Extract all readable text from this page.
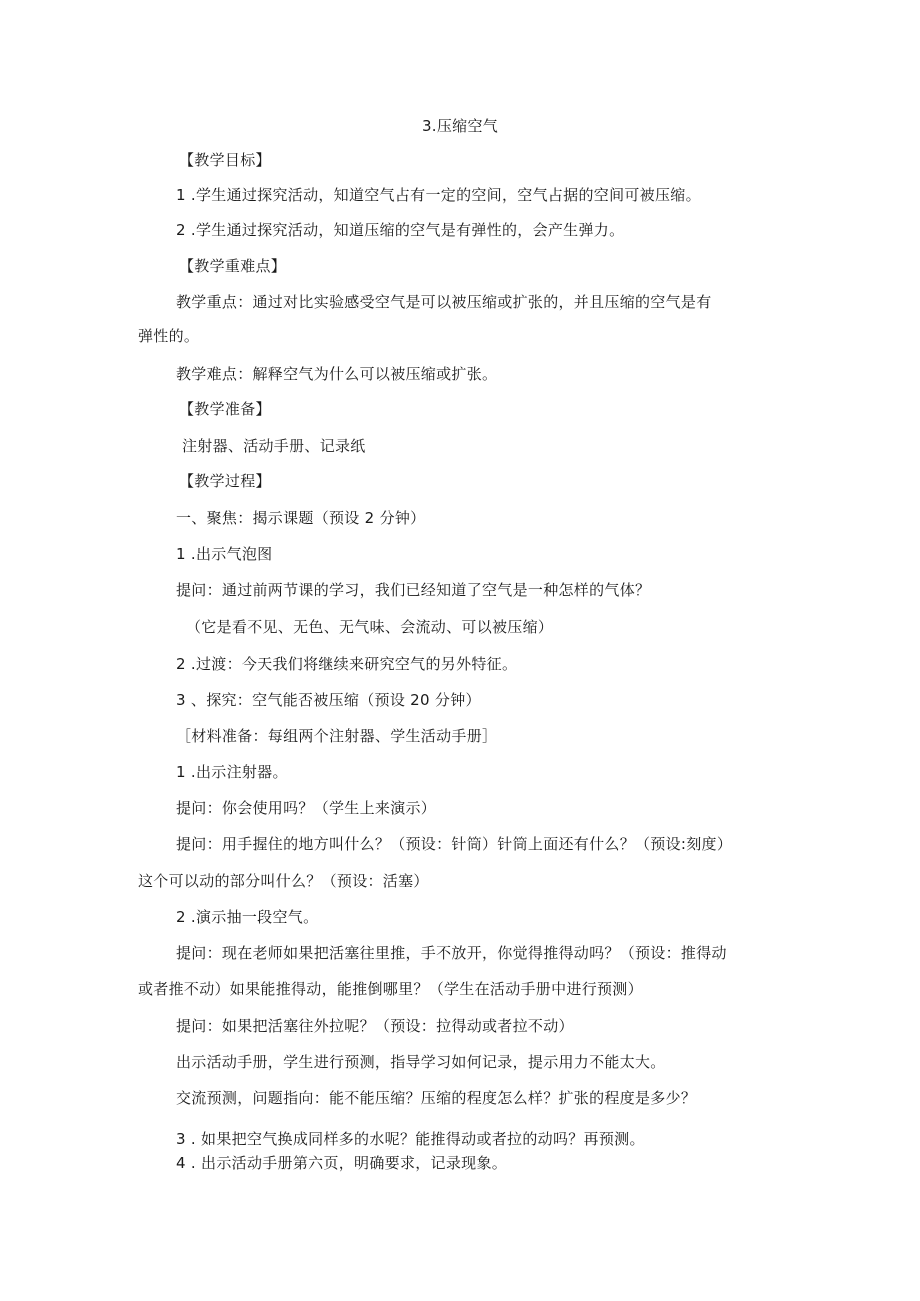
3.压缩空气
【教学目标】
1 .学生通过探究活动，知道空气占有一定的空间，空气占据的空间可被压缩。
2 .学生通过探究活动，知道压缩的空气是有弹性的，会产生弹力。
【教学重难点】
教学重点：通过对比实验感受空气是可以被压缩或扩张的，并且压缩的空气是有
弹性的。
教学难点：解释空气为什么可以被压缩或扩张。
【教学准备】
注射器、活动手册、记录纸
【教学过程】
一、聚焦：揭示课题（预设 2 分钟）
1 .出示气泡图
提问：通过前两节课的学习，我们已经知道了空气是一种怎样的气体？
（它是看不见、无色、无气味、会流动、可以被压缩）
2 .过渡：今天我们将继续来研究空气的另外特征。
3 、探究：空气能否被压缩（预设 20 分钟）
［材料准备：每组两个注射器、学生活动手册］
1 .出示注射器。
提问：你会使用吗？（学生上来演示）
提问：用手握住的地方叫什么？（预设：针筒）针筒上面还有什么？（预设:刻度）
这个可以动的部分叫什么？（预设：活塞）
2 .演示抽一段空气。
提问：现在老师如果把活塞往里推，手不放开，你觉得推得动吗？（预设：推得动
或者推不动）如果能推得动，能推倒哪里？（学生在活动手册中进行预测）
提问：如果把活塞往外拉呢？（预设：拉得动或者拉不动）
出示活动手册，学生进行预测，指导学习如何记录，提示用力不能太大。
交流预测，问题指向：能不能压缩？压缩的程度怎么样？扩张的程度是多少？
3 . 如果把空气换成同样多的水呢？能推得动或者拉的动吗？再预测。
4 . 出示活动手册第六页，明确要求，记录现象。
